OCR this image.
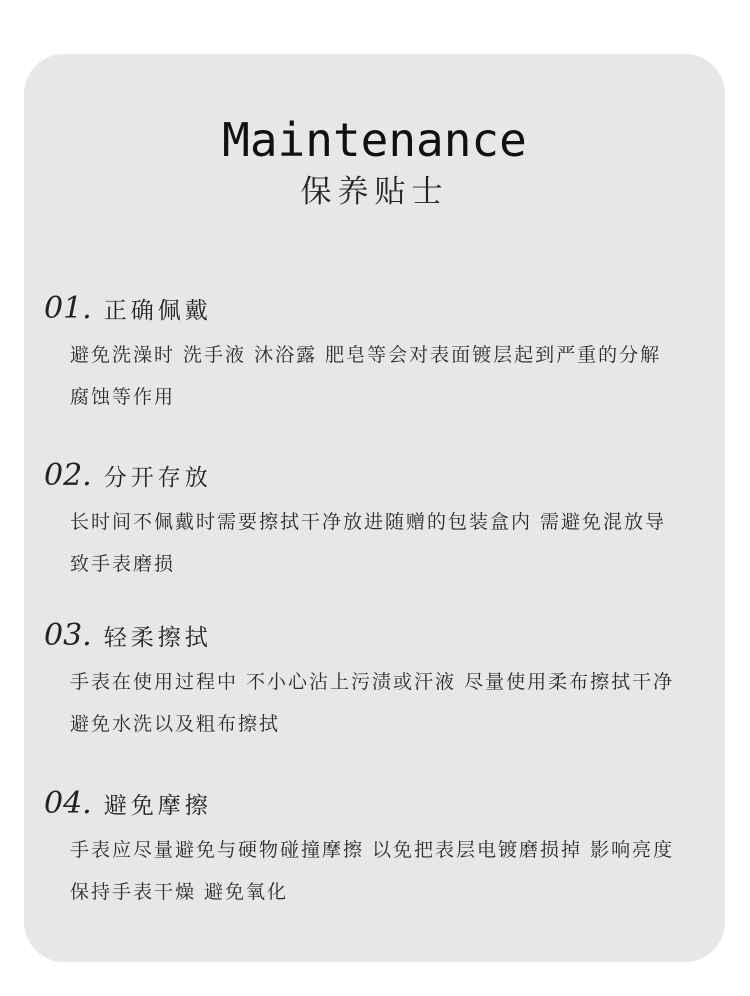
Maintenance
保养贴士
01. 正确佩戴
避免洗澡时 洗手液 沐浴露 肥皂等会对表面镀层起到严重的分解 腐蚀等作用
02. 分开存放
长时间不佩戴时需要擦拭干净放进随赠的包装盒内 需避免混放导致手表磨损
03. 轻柔擦拭
手表在使用过程中 不小心沾上污渍或汗液 尽量使用柔布擦拭干净 避免水洗以及粗布擦拭
04. 避免摩擦
手表应尽量避免与硬物碰撞摩擦 以免把表层电镀磨损掉 影响亮度 保持手表干燥 避免氧化
